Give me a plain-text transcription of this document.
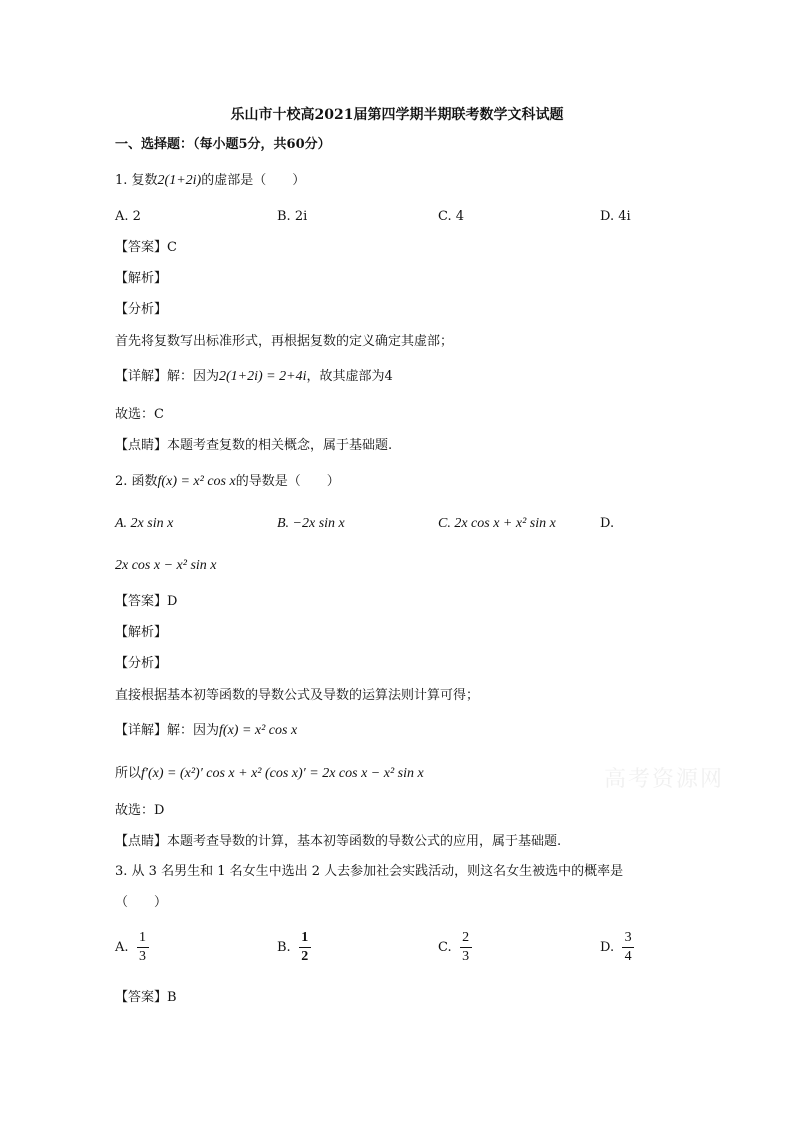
乐山市十校高2021届第四学期半期联考数学文科试题
一、选择题：（每小题5分，共60分）
1. 复数2(1+2i)的虚部是（　　）
A. 2	B. 2i	C. 4	D. 4i
【答案】C
【解析】
【分析】
首先将复数写出标准形式，再根据复数的定义确定其虚部；
【详解】解：因为2(1+2i) = 2+4i，故其虚部为4
故选：C
【点睛】本题考查复数的相关概念，属于基础题.
2. 函数f(x) = x² cos x的导数是（　　）
A. 2x sin x	B. −2x sin x	C. 2x cos x + x² sin x	D.
2x cos x − x² sin x
【答案】D
【解析】
【分析】
直接根据基本初等函数的导数公式及导数的运算法则计算可得；
【详解】解：因为f(x) = x² cos x
所以f′(x) = (x²)′ cos x + x² (cos x)′ = 2x cos x − x² sin x
故选：D
【点睛】本题考查导数的计算，基本初等函数的导数公式的应用，属于基础题.
3. 从 3 名男生和 1 名女生中选出 2 人去参加社会实践活动，则这名女生被选中的概率是
（　　）
A. $\frac{1}{3}$	B. $\frac{1}{2}$	C. $\frac{2}{3}$	D. $\frac{3}{4}$
【答案】B
高考资源网
